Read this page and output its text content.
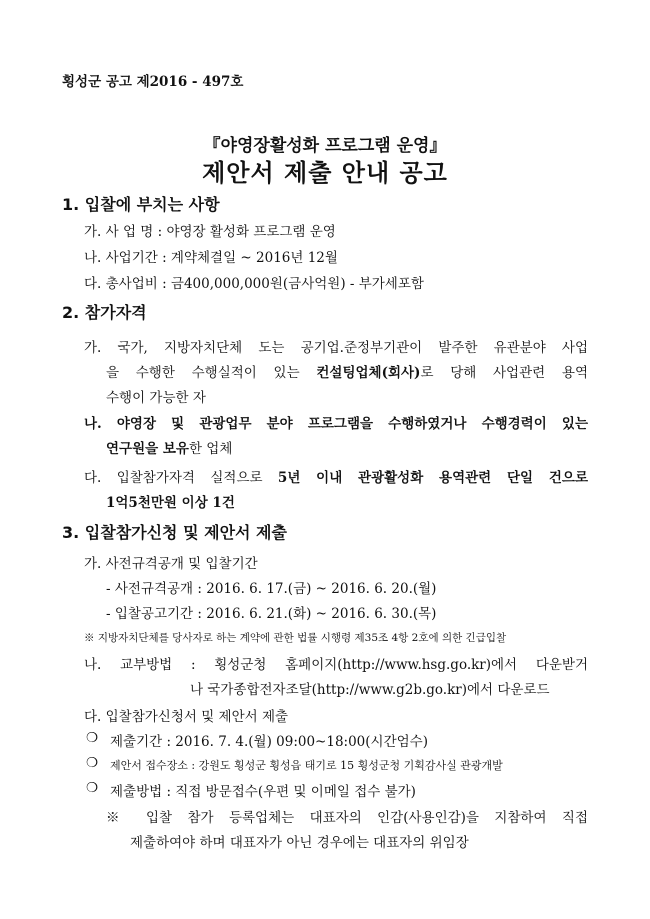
횡성군 공고 제2016 - 497호
『야영장활성화 프로그램 운영』
제안서 제출 안내 공고
1. 입찰에 부치는 사항
가. 사 업 명 : 야영장 활성화 프로그램 운영
나. 사업기간 : 계약체결일 ~ 2016년 12월
다. 총사업비 : 금400,000,000원(금사억원) - 부가세포함
2. 참가자격
가. 국가, 지방자치단체 도는 공기업.준정부기관이 발주한 유관분야 사업
을 수행한 수행실적이 있는 컨설팅업체(회사)로 당해 사업관련 용역
수행이 가능한 자
나. 야영장 및 관광업무 분야 프로그램을 수행하였거나 수행경력이 있는
연구원을 보유한 업체
다. 입찰참가자격 실적으로 5년 이내 관광활성화 용역관련 단일 건으로
1억5천만원 이상 1건
3. 입찰참가신청 및 제안서 제출
가. 사전규격공개 및 입찰기간
- 사전규격공개 : 2016. 6. 17.(금) ~ 2016. 6. 20.(월)
- 입찰공고기간 : 2016. 6. 21.(화) ~ 2016. 6. 30.(목)
※ 지방자치단체를 당사자로 하는 계약에 관한 법률 시행령 제35조 4항 2호에 의한 긴급입찰
나. 교부방법 : 횡성군청 홈페이지(http://www.hsg.go.kr)에서 다운받거
나 국가종합전자조달(http://www.g2b.go.kr)에서 다운로드
다. 입찰참가신청서 및 제안서 제출
❍ 제출기간 : 2016. 7. 4.(월) 09:00~18:00(시간엄수)
❍ 제안서 접수장소 : 강원도 횡성군 횡성읍 태기로 15 횡성군청 기획감사실 관광개발
❍ 제출방법 : 직접 방문접수(우편 및 이메일 접수 불가)
※ 입찰 참가 등록업체는 대표자의 인감(사용인감)을 지참하여 직접
제출하여야 하며 대표자가 아닌 경우에는 대표자의 위임장
